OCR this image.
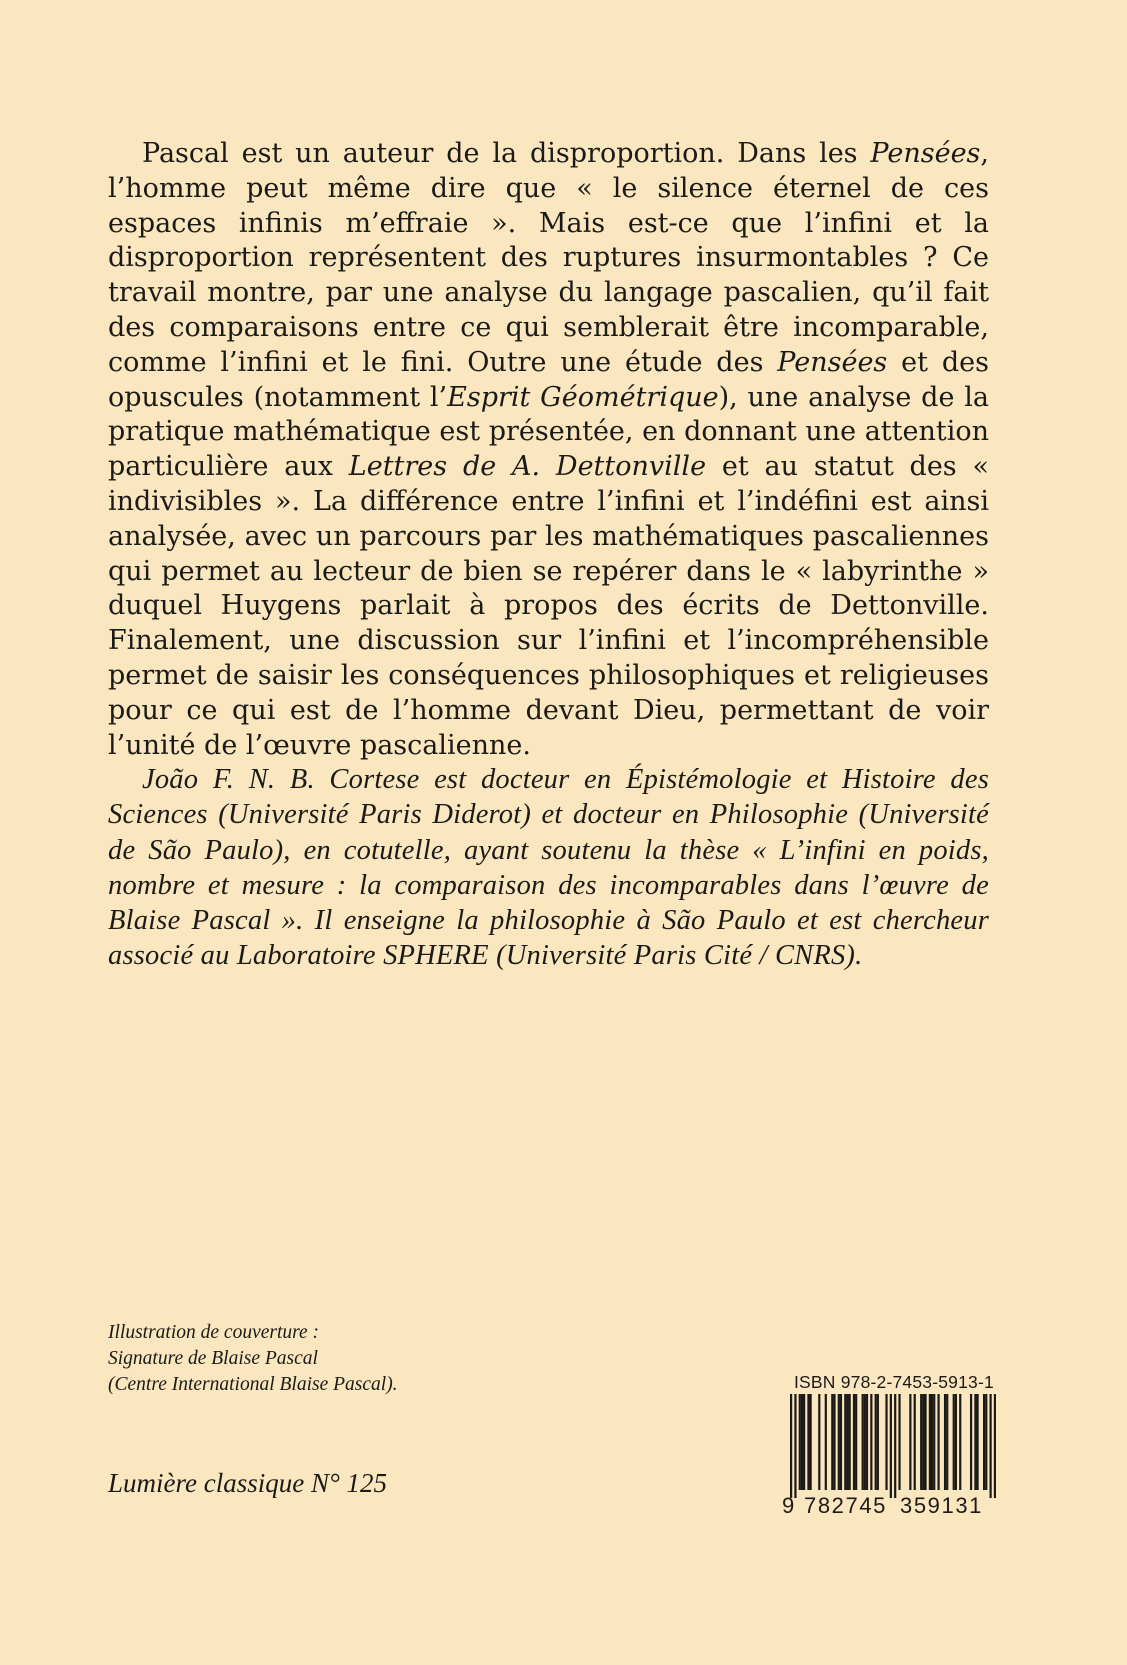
Pascal est un auteur de la disproportion. Dans les Pensées, l’homme peut même dire que « le silence éternel de ces espaces infinis m’effraie ». Mais est-ce que l’infini et la disproportion représentent des ruptures insurmontables ? Ce travail montre, par une analyse du langage pascalien, qu’il fait des comparaisons entre ce qui semblerait être incomparable, comme l’infini et le fini. Outre une étude des Pensées et des opuscules (notamment l’Esprit Géométrique), une analyse de la pratique mathématique est présentée, en donnant une attention particulière aux Lettres de A. Dettonville et au statut des « indivisibles ». La différence entre l’infini et l’indéfini est ainsi analysée, avec un parcours par les mathématiques pascaliennes qui permet au lecteur de bien se repérer dans le « labyrinthe » duquel Huygens parlait à propos des écrits de Dettonville. Finalement, une discussion sur l’infini et l’incompréhensible permet de saisir les conséquences philosophiques et religieuses pour ce qui est de l’homme devant Dieu, permettant de voir l’unité de l’œuvre pascalienne.

João F. N. B. Cortese est docteur en Épistémologie et Histoire des Sciences (Université Paris Diderot) et docteur en Philosophie (Université de São Paulo), en cotutelle, ayant soutenu la thèse « L’infini en poids, nombre et mesure : la comparaison des incomparables dans l’œuvre de Blaise Pascal ». Il enseigne la philosophie à São Paulo et est chercheur associé au Laboratoire SPHERE (Université Paris Cité / CNRS).

Illustration de couverture :
Signature de Blaise Pascal
(Centre International Blaise Pascal).
Lumière classique N° 125
ISBN 978-2-7453-5913-1
9 782745 359131
